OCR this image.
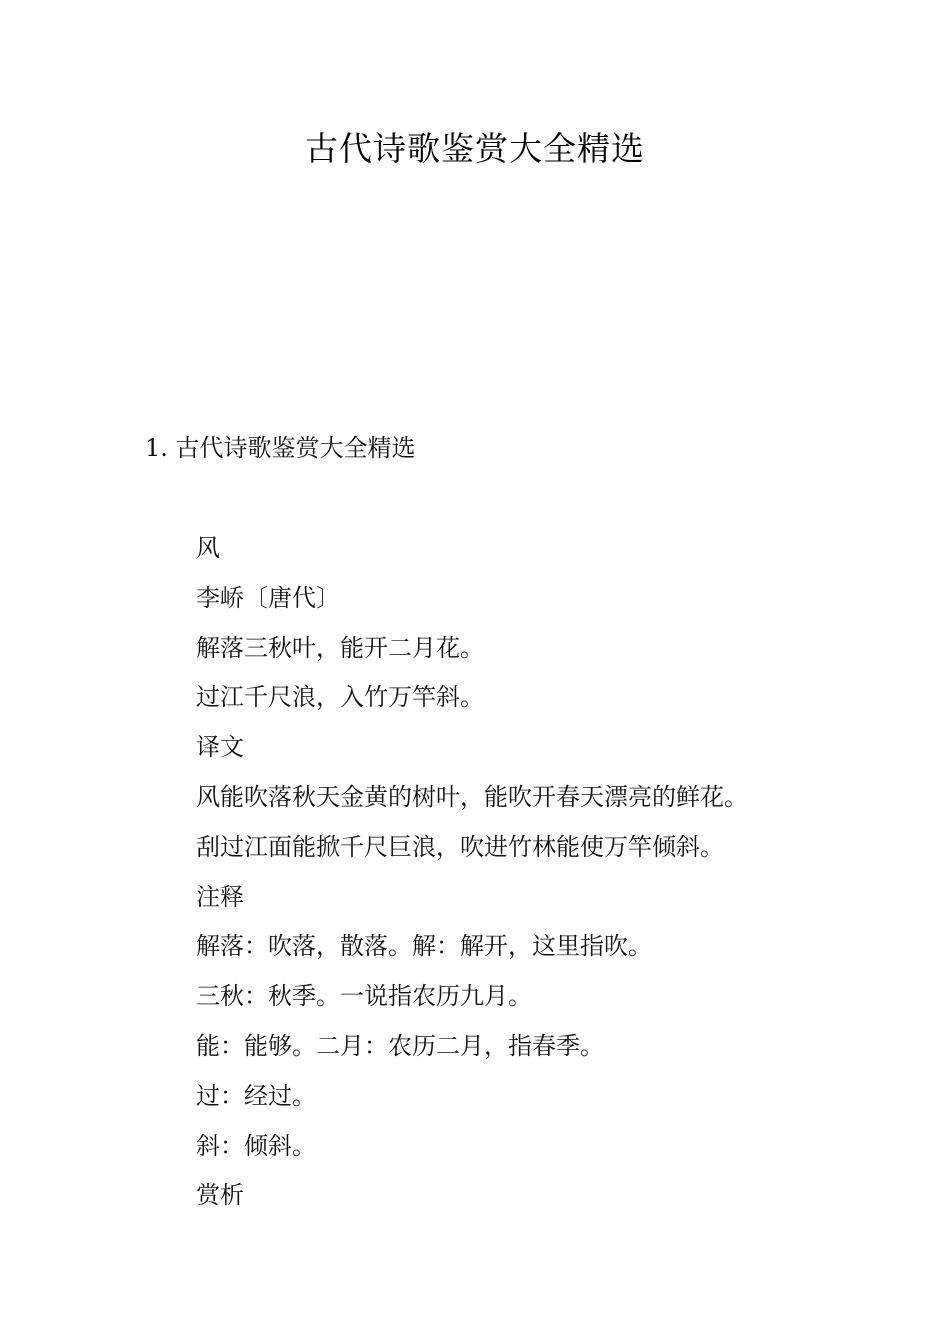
古代诗歌鉴赏大全精选
1. 古代诗歌鉴赏大全精选
风
李峤〔唐代〕
解落三秋叶，能开二月花。
过江千尺浪，入竹万竿斜。
译文
风能吹落秋天金黄的树叶，能吹开春天漂亮的鲜花。
刮过江面能掀千尺巨浪，吹进竹林能使万竿倾斜。
注释
解落：吹落，散落。解：解开，这里指吹。
三秋：秋季。一说指农历九月。
能：能够。二月：农历二月，指春季。
过：经过。
斜：倾斜。
赏析
